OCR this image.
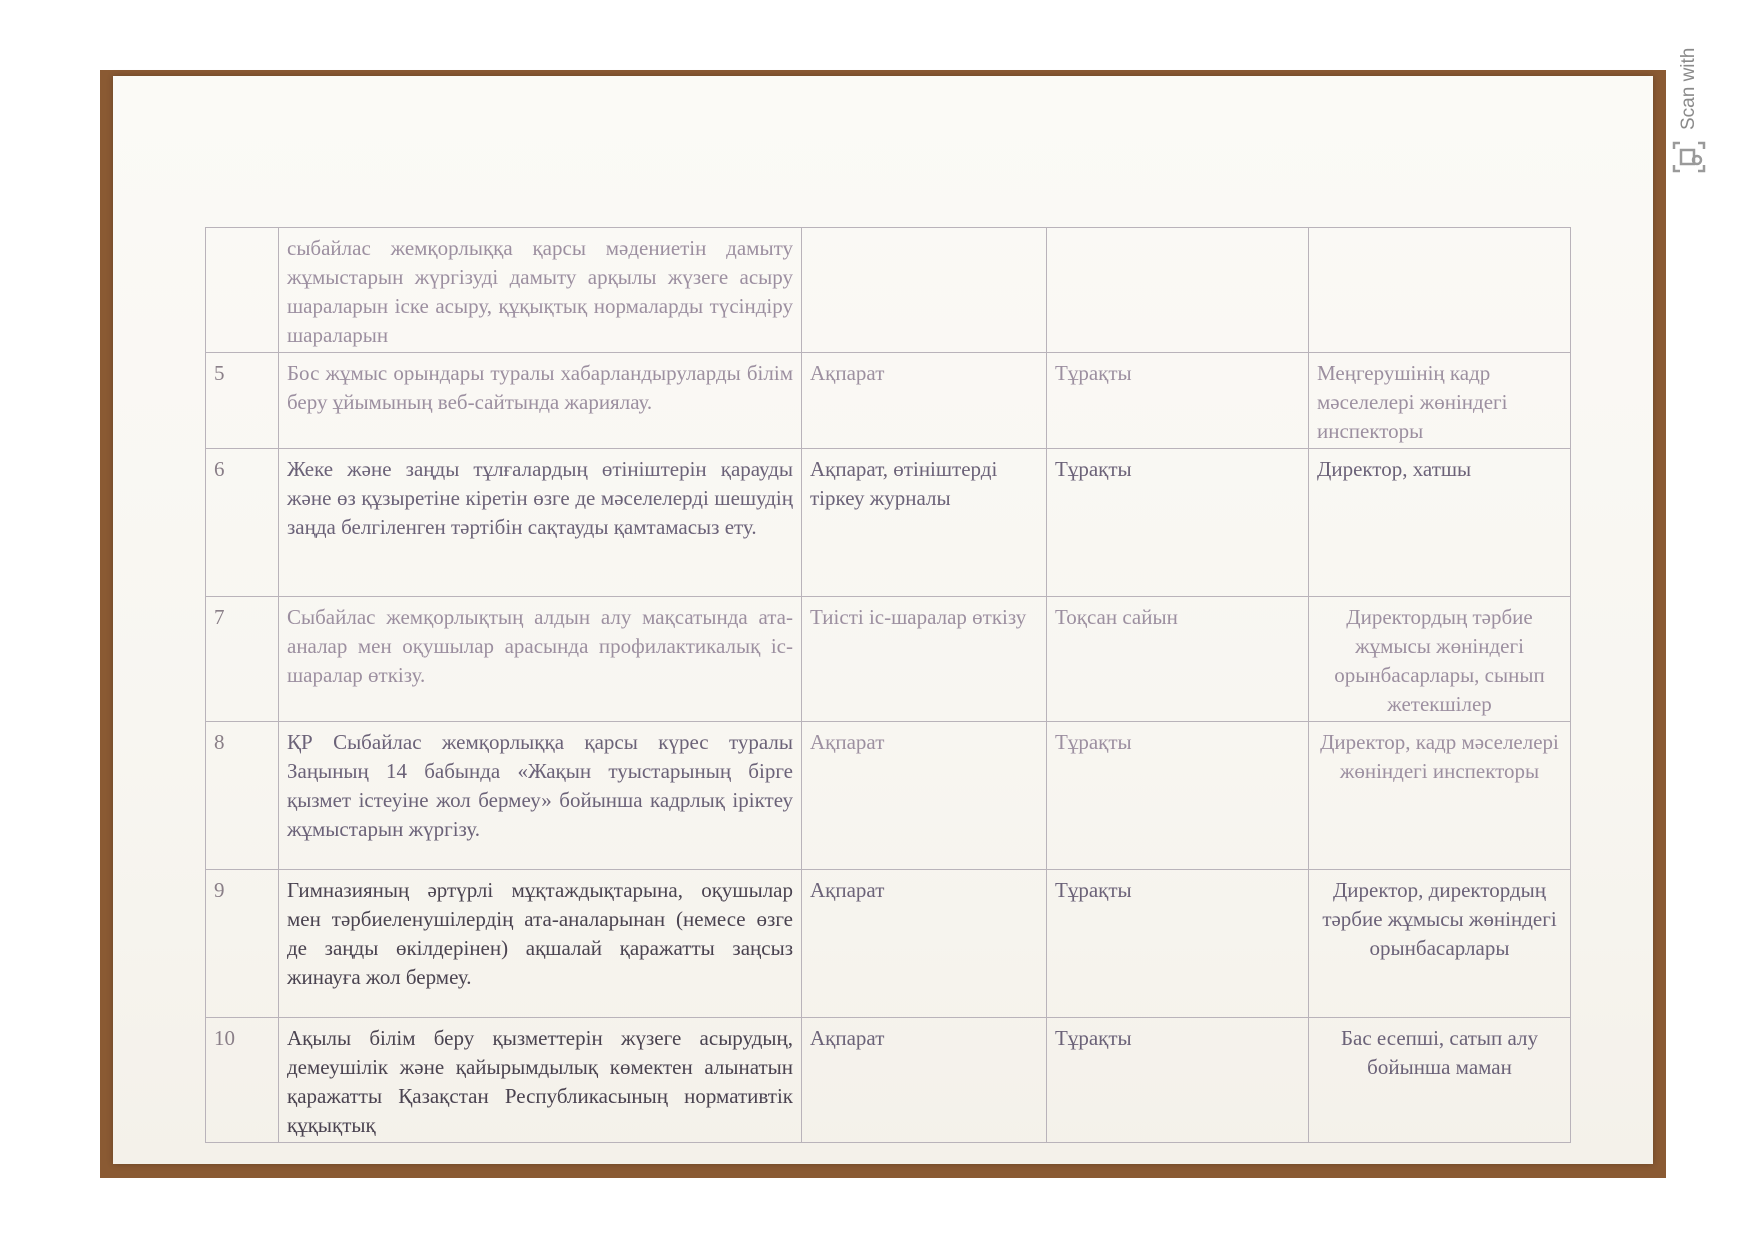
Scan with
	сыбайлас жемқорлыққа қарсы мәдениетін дамыту жұмыстарын жүргізуді дамыту арқылы жүзеге асыру шараларын іске асыру, құқықтық нормаларды түсіндіру шараларын			
5	Бос жұмыс орындары туралы хабарландыруларды білім беру ұйымының веб-сайтында жариялау.	Ақпарат	Тұрақты	Меңгерушінің кадр мәселелері жөніндегі инспекторы
6	Жеке және заңды тұлғалардың өтініштерін қарауды және өз құзыретіне кіретін өзге де мәселелерді шешудің заңда белгіленген тәртібін сақтауды қамтамасыз ету.	Ақпарат, өтініштерді тіркеу журналы	Тұрақты	Директор, хатшы
7	Сыбайлас жемқорлықтың алдын алу мақсатында ата-аналар мен оқушылар арасында профилактикалық іс-шаралар өткізу.	Тиісті іс-шаралар өткізу	Тоқсан сайын	Директордың тәрбие жұмысы жөніндегі орынбасарлары, сынып жетекшілер
8	ҚР Сыбайлас жемқорлыққа қарсы күрес туралы Заңының 14 бабында «Жақын туыстарының бірге қызмет істеуіне жол бермеу» бойынша кадрлық іріктеу жұмыстарын жүргізу.	Ақпарат	Тұрақты	Директор, кадр мәселелері жөніндегі инспекторы
9	Гимназияның әртүрлі мұқтаждықтарына, оқушылар мен тәрбиеленушілердің ата-аналарынан (немесе өзге де заңды өкілдерінен) ақшалай қаражатты заңсыз жинауға жол бермеу.	Ақпарат	Тұрақты	Директор, директордың тәрбие жұмысы жөніндегі орынбасарлары
10	Ақылы білім беру қызметтерін жүзеге асырудың, демеушілік және қайырымдылық көмектен алынатын қаражатты Қазақстан Республикасының нормативтік құқықтық	Ақпарат	Тұрақты	Бас есепші, сатып алу бойынша маман
